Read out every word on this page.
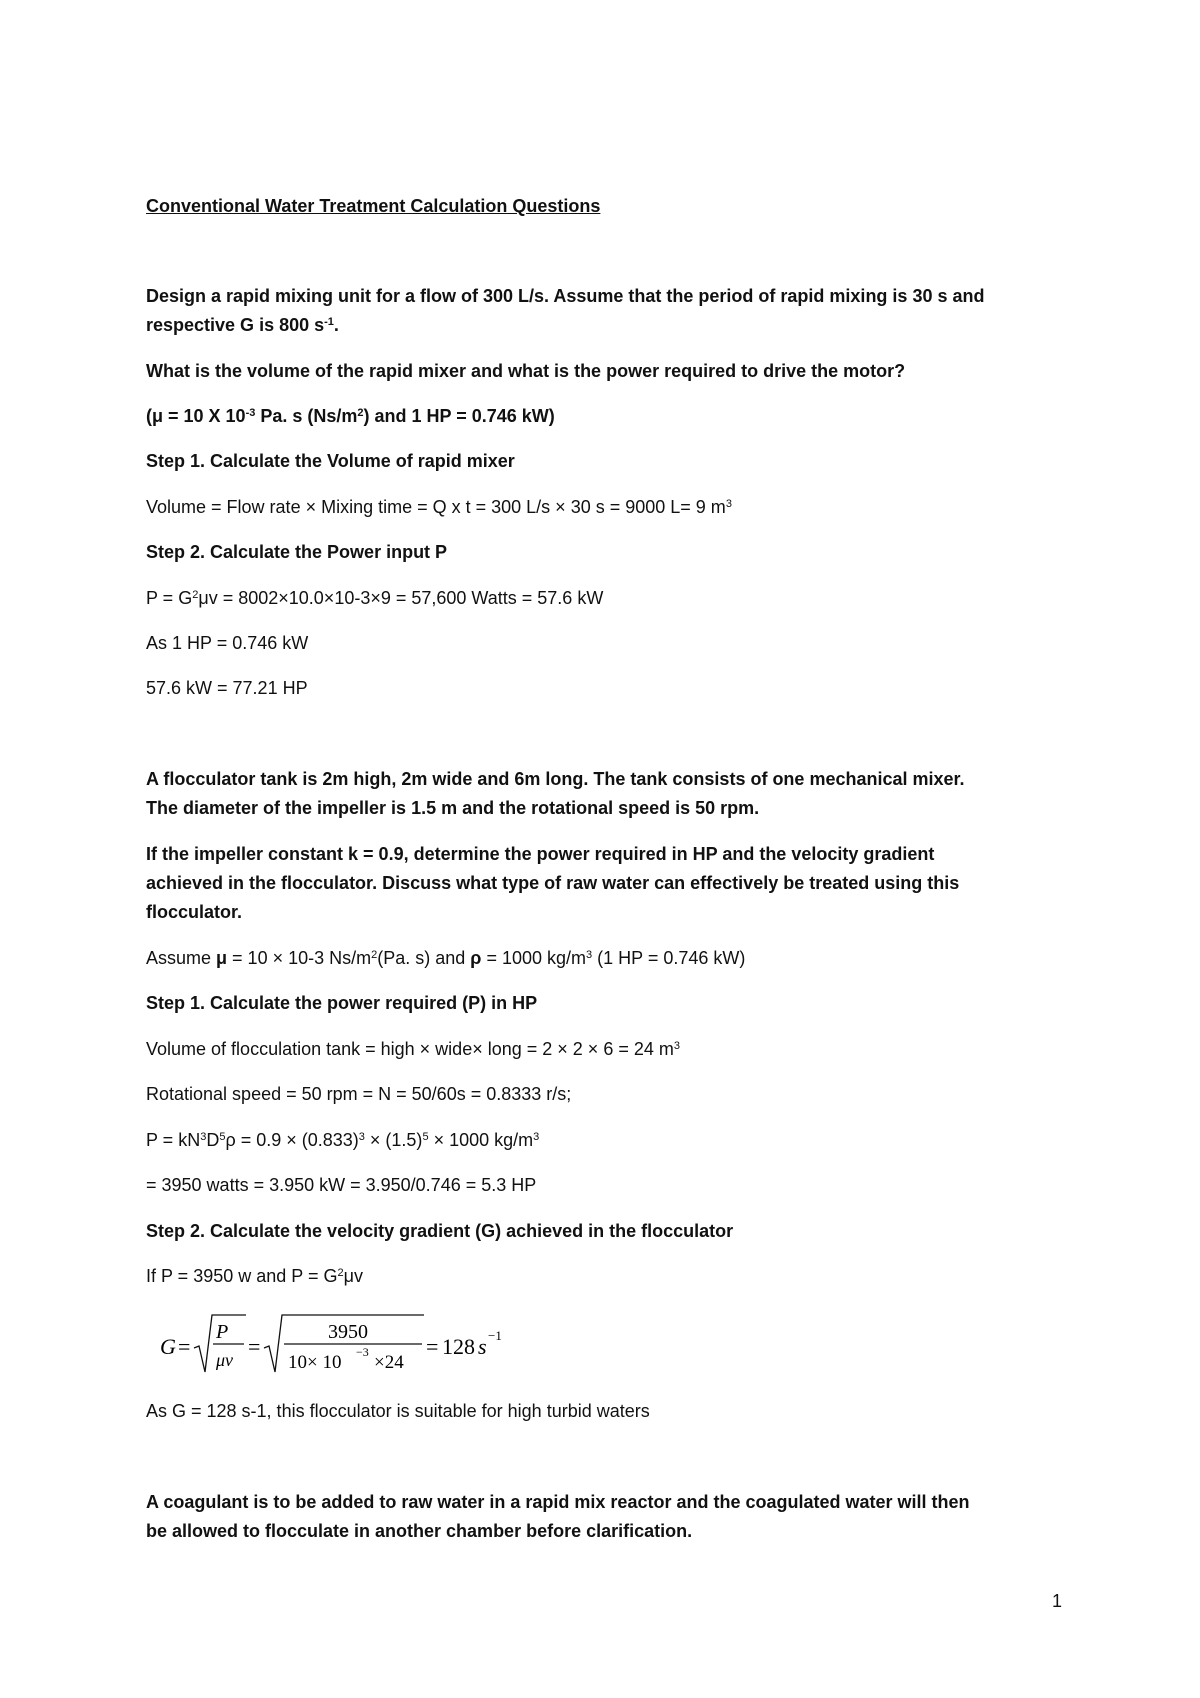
Conventional Water Treatment Calculation Questions

Design a rapid mixing unit for a flow of 300 L/s. Assume that the period of rapid mixing is 30 s and

respective G is 800 $s^{-1}$.

What is the volume of the rapid mixer and what is the power required to drive the motor?

(μ = 10 X $10^{-3}$ Pa. s $(Ns/m^2)$ and 1 HP = 0.746 kW)

Step 1. Calculate the Volume of rapid mixer

Volume = Flow rate × Mixing time = Q x t = 300 L/s × 30 s = 9000 L= 9 $m^3$

Step 2. Calculate the Power input P

$P = G^2\mu v = 8002\times 10.0\times 10-3\times 9 = 57,600$ Watts = 57.6 kW

As 1 HP = 0.746 kW

57.6 kW = 77.21 HP

A flocculator tank is 2m high, 2m wide and 6m long. The tank consists of one mechanical mixer.

The diameter of the impeller is 1.5 m and the rotational speed is 50 rpm.

If the impeller constant k = 0.9, determine the power required in HP and the velocity gradient

achieved in the flocculator. Discuss what type of raw water can effectively be treated using this

flocculator.

Assume μ = 10 × 10-3 $Ns/m^2(Pa$. s) and ρ = 1000 $kg/m^3$ (1 HP = 0.746 kW)

Step 1. Calculate the power required (P) in HP

Volume of flocculation tank = high × wide× long = 2 × 2 × 6 = 24 $m^3$

Rotational speed = 50 rpm = N = 50/60s = 0.8333 r/s;

$P = kN^3D^5\rho = 0.9 \times (0.833)^3 \times (1.5)^5 \times 1000$ $kg/m^3$

= 3950 watts = 3.950 kW = 3.950/0.746 = 5.3 HP

Step 2. Calculate the velocity gradient (G) achieved in the flocculator

If P = 3950 w and $P = G^2\mu v$

G =
P
μv
=
3950
10× 10 −3 ×24
= 128 s −1

As G = 128 s-1, this flocculator is suitable for high turbid waters

A coagulant is to be added to raw water in a rapid mix reactor and the coagulated water will then

be allowed to flocculate in another chamber before clarification.

1
